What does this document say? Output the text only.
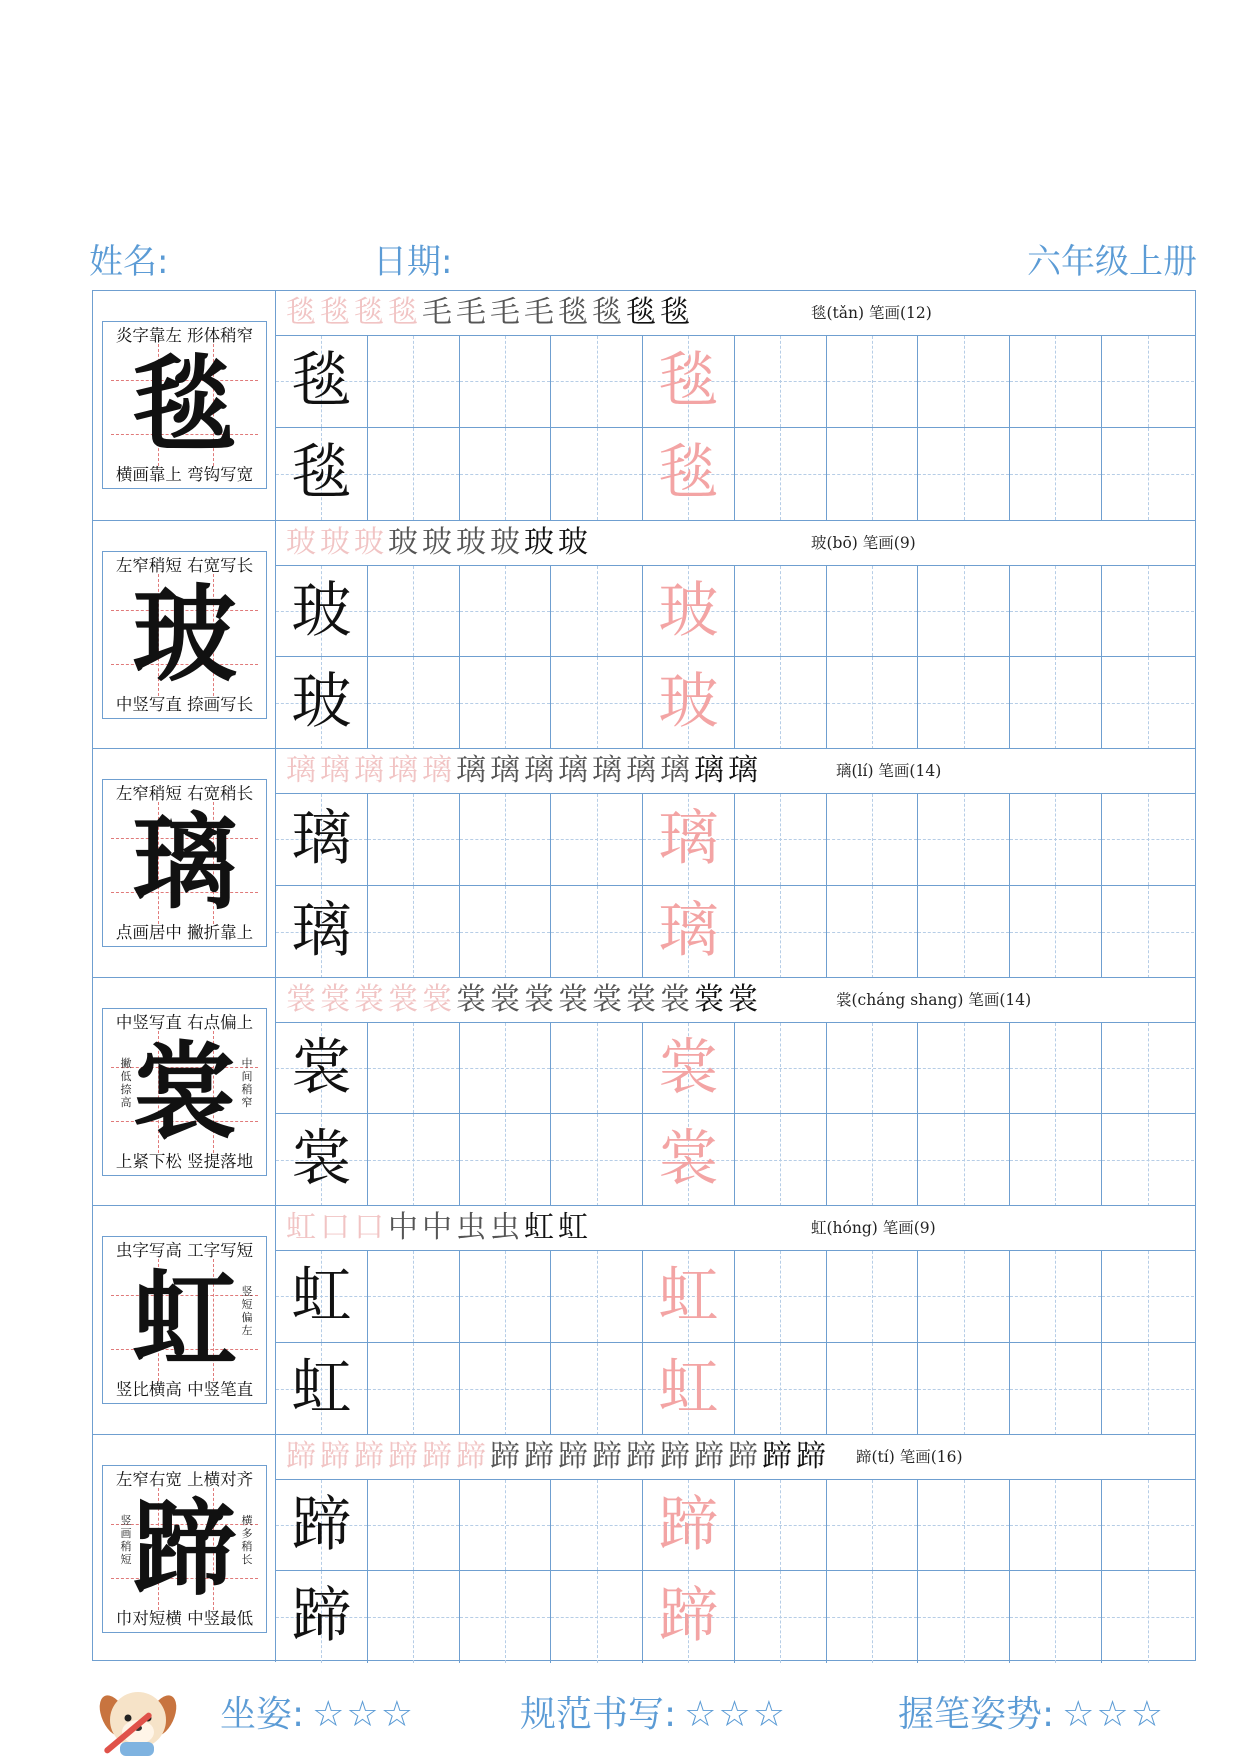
姓名:	日期:	六年级上册
炎字靠左 形体稍窄
毯
横画靠上 弯钩写宽
毯 毯 毯 毯 毛 毛 毛 毛 毯 毯 毯 毯	毯(tǎn) 笔画(12)
毯	毯
毯	毯
左窄稍短 右宽写长
玻
中竖写直 捺画写长
玻 玻 玻 玻 玻 玻 玻 玻 玻	玻(bō) 笔画(9)
玻	玻
玻	玻
左窄稍短 右宽稍长
璃
点画居中 撇折靠上
璃 璃 璃 璃 璃 璃 璃 璃 璃 璃 璃 璃 璃 璃	璃(lí) 笔画(14)
璃	璃
璃	璃
中竖写直 右点偏上
裳
撇低捺高
中间稍窄
上紧下松 竖提落地
裳 裳 裳 裳 裳 裳 裳 裳 裳 裳 裳 裳 裳 裳	裳(cháng shang) 笔画(14)
裳	裳
裳	裳
虫字写高 工字写短
虹 竖短偏左
竖比横高 中竖笔直
虹 口 口 中 中 虫 虫 虹 虹	虹(hóng) 笔画(9)
虹	虹
虹	虹
左窄右宽 上横对齐
蹄
竖画稍短
横多稍长
巾对短横 中竖最低
蹄 蹄 蹄 蹄 蹄 蹄 蹄 蹄 蹄 蹄 蹄 蹄 蹄 蹄 蹄 蹄 蹄(tí) 笔画(16)
蹄	蹄
蹄	蹄
坐姿: ☆☆☆	规范书写: ☆☆☆	握笔姿势: ☆☆☆
